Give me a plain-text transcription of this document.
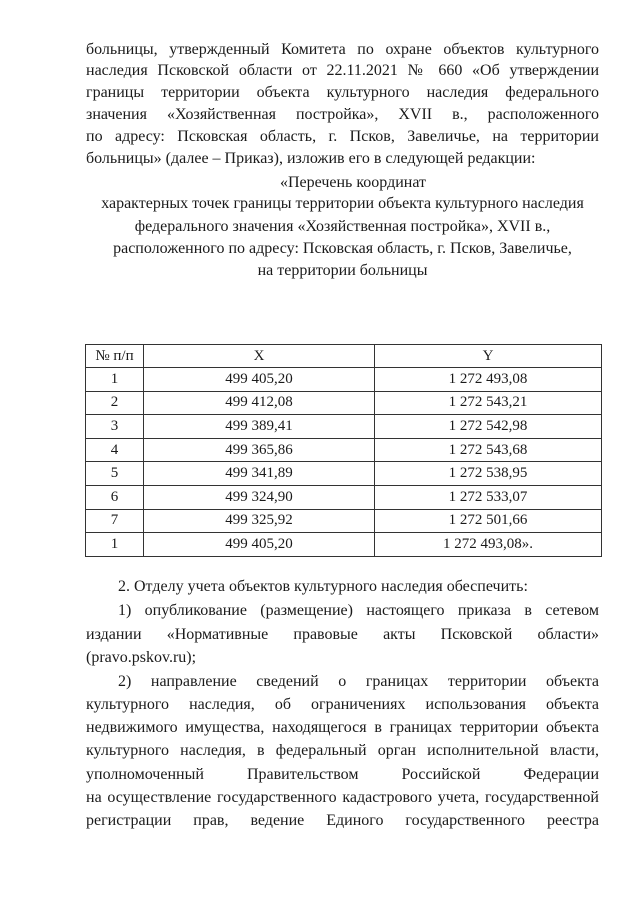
больницы, утвержденный Комитета по охране объектов культурного
наследия Псковской области от 22.11.2021 № 660 «Об утверждении
границы территории объекта культурного наследия федерального
значения «Хозяйственная постройка», XVII в., расположенного
по адресу: Псковская область, г. Псков, Завеличье, на территории
больницы» (далее – Приказ), изложив его в следующей редакции:
«Перечень координат
характерных точек границы территории объекта культурного наследия
федерального значения «Хозяйственная постройка», XVII в.,
расположенного по адресу: Псковская область, г. Псков, Завеличье,
на территории больницы
№ п/п	X	Y
1	499 405,20	1 272 493,08
2	499 412,08	1 272 543,21
3	499 389,41	1 272 542,98
4	499 365,86	1 272 543,68
5	499 341,89	1 272 538,95
6	499 324,90	1 272 533,07
7	499 325,92	1 272 501,66
1	499 405,20	1 272 493,08».
2. Отделу учета объектов культурного наследия обеспечить:
1) опубликование (размещение) настоящего приказа в сетевом
издании «Нормативные правовые акты Псковской области»
(pravo.pskov.ru);
2) направление сведений о границах территории объекта
культурного наследия, об ограничениях использования объекта
недвижимого имущества, находящегося в границах территории объекта
культурного наследия, в федеральный орган исполнительной власти,
уполномоченный Правительством Российской Федерации
на осуществление государственного кадастрового учета, государственной
регистрации прав, ведение Единого государственного реестра
